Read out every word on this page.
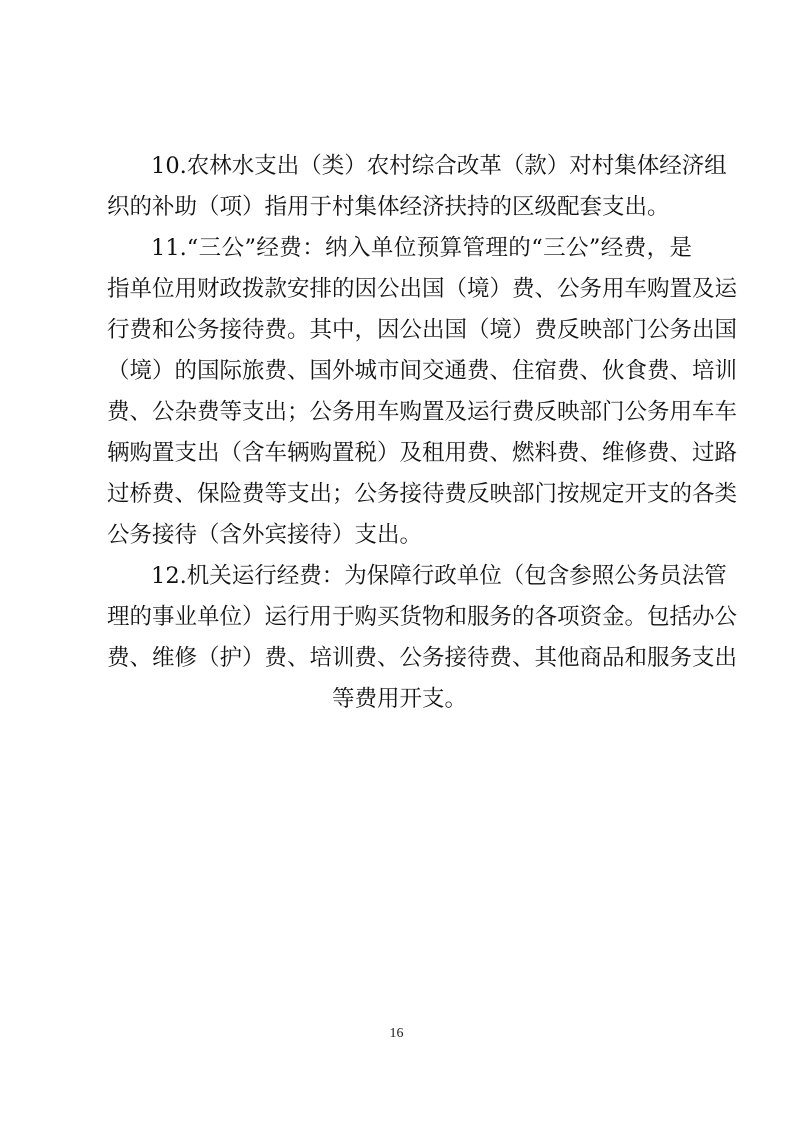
10.农林水支出（类）农村综合改革（款）对村集体经济组
织的补助（项）指用于村集体经济扶持的区级配套支出。
11.“三公”经费：纳入单位预算管理的“三公”经费，是
指单位用财政拨款安排的因公出国（境）费、公务用车购置及运
行费和公务接待费。其中，因公出国（境）费反映部门公务出国
（境）的国际旅费、国外城市间交通费、住宿费、伙食费、培训
费、公杂费等支出；公务用车购置及运行费反映部门公务用车车
辆购置支出（含车辆购置税）及租用费、燃料费、维修费、过路
过桥费、保险费等支出；公务接待费反映部门按规定开支的各类
公务接待（含外宾接待）支出。
12.机关运行经费：为保障行政单位（包含参照公务员法管
理的事业单位）运行用于购买货物和服务的各项资金。包括办公
费、维修（护）费、培训费、公务接待费、其他商品和服务支出
等费用开支。
16
